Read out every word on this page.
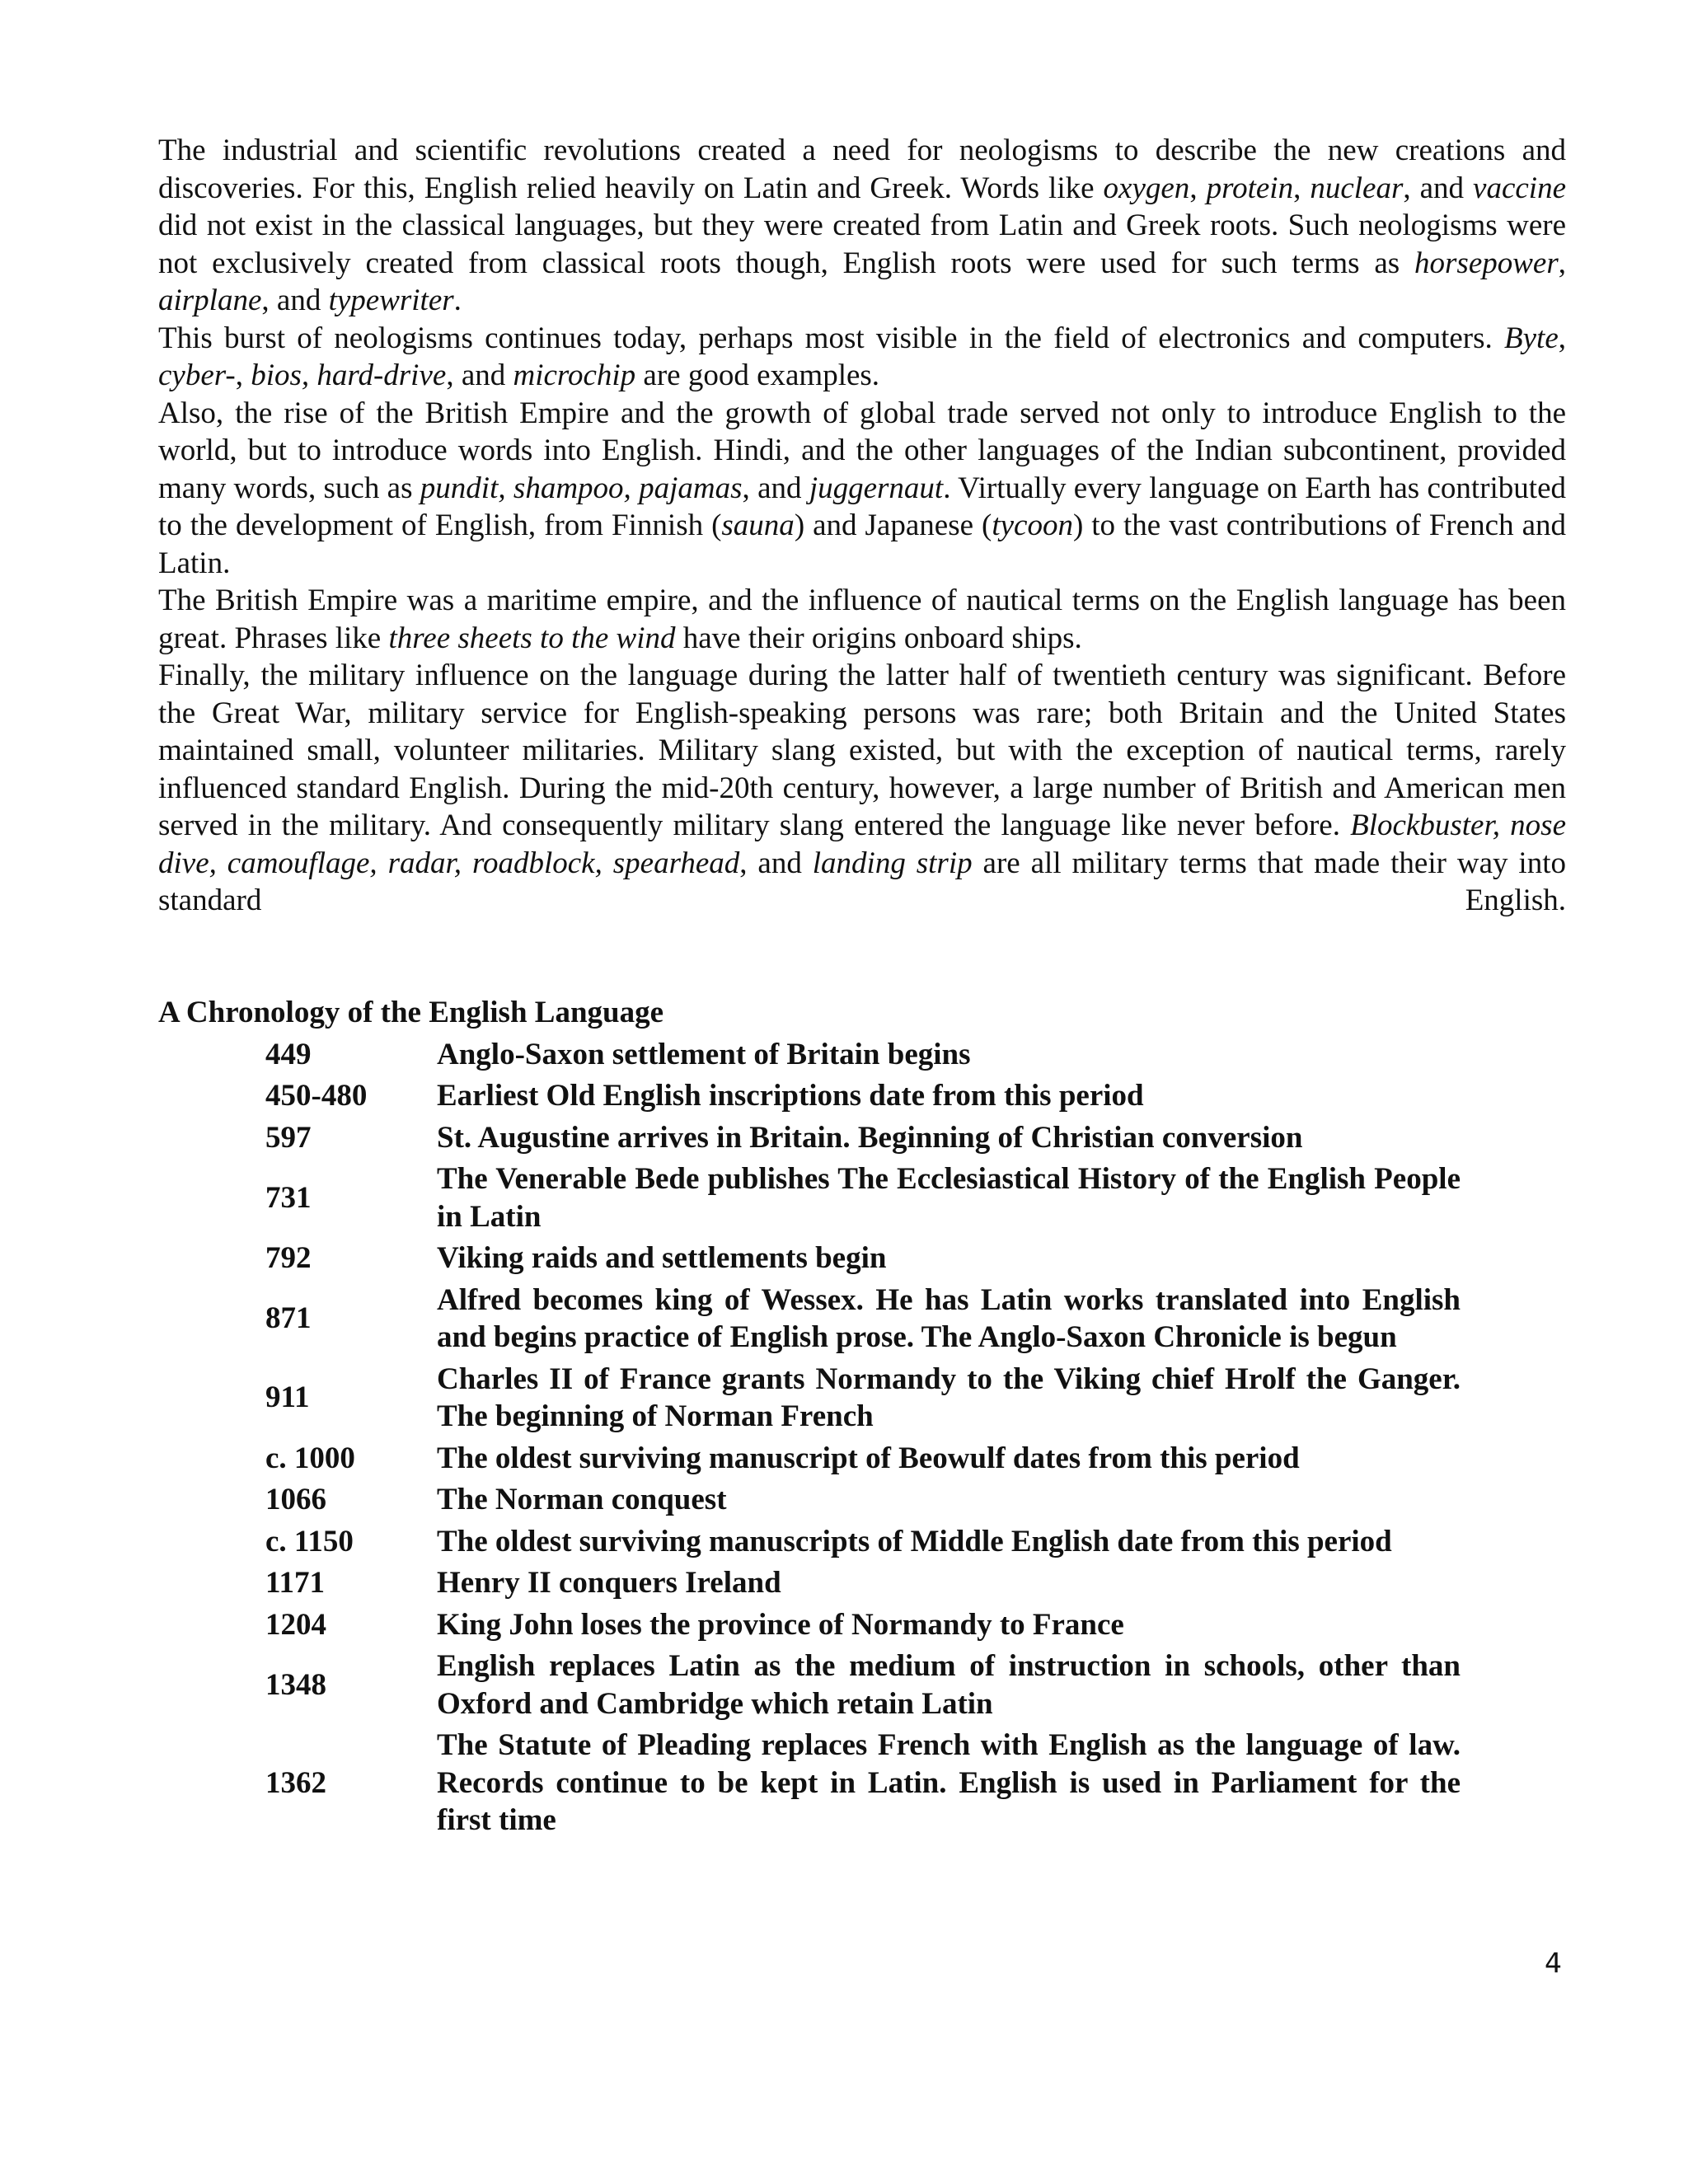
The industrial and scientific revolutions created a need for neologisms to describe the new creations and discoveries. For this, English relied heavily on Latin and Greek. Words like oxygen, protein, nuclear, and vaccine did not exist in the classical languages, but they were created from Latin and Greek roots. Such neologisms were not exclusively created from classical roots though, English roots were used for such terms as horsepower, airplane, and typewriter.

This burst of neologisms continues today, perhaps most visible in the field of electronics and computers. Byte, cyber-, bios, hard-drive, and microchip are good examples.

Also, the rise of the British Empire and the growth of global trade served not only to introduce English to the world, but to introduce words into English. Hindi, and the other languages of the Indian subcontinent, provided many words, such as pundit, shampoo, pajamas, and juggernaut. Virtually every language on Earth has contributed to the development of English, from Finnish (sauna) and Japanese (tycoon) to the vast contributions of French and Latin.

The British Empire was a maritime empire, and the influence of nautical terms on the English language has been great. Phrases like three sheets to the wind have their origins onboard ships.

Finally, the military influence on the language during the latter half of twentieth century was significant. Before the Great War, military service for English-speaking persons was rare; both Britain and the United States maintained small, volunteer militaries. Military slang existed, but with the exception of nautical terms, rarely influenced standard English. During the mid-20th century, however, a large number of British and American men served in the military. And consequently military slang entered the language like never before. Blockbuster, nose dive, camouflage, radar, roadblock, spearhead, and landing strip are all military terms that made their way into standard English.

A Chronology of the English Language
449	Anglo-Saxon settlement of Britain begins
450-480	Earliest Old English inscriptions date from this period
597	St. Augustine arrives in Britain. Beginning of Christian conversion
731	The Venerable Bede publishes The Ecclesiastical History of the English People in Latin
792	Viking raids and settlements begin
871	Alfred becomes king of Wessex. He has Latin works translated into English and begins practice of English prose. The Anglo-Saxon Chronicle is begun
911	Charles II of France grants Normandy to the Viking chief Hrolf the Ganger. The beginning of Norman French
c. 1000	The oldest surviving manuscript of Beowulf dates from this period
1066	The Norman conquest
c. 1150	The oldest surviving manuscripts of Middle English date from this period
1171	Henry II conquers Ireland
1204	King John loses the province of Normandy to France
1348	English replaces Latin as the medium of instruction in schools, other than Oxford and Cambridge which retain Latin
1362	The Statute of Pleading replaces French with English as the language of law. Records continue to be kept in Latin. English is used in Parliament for the first time
4
